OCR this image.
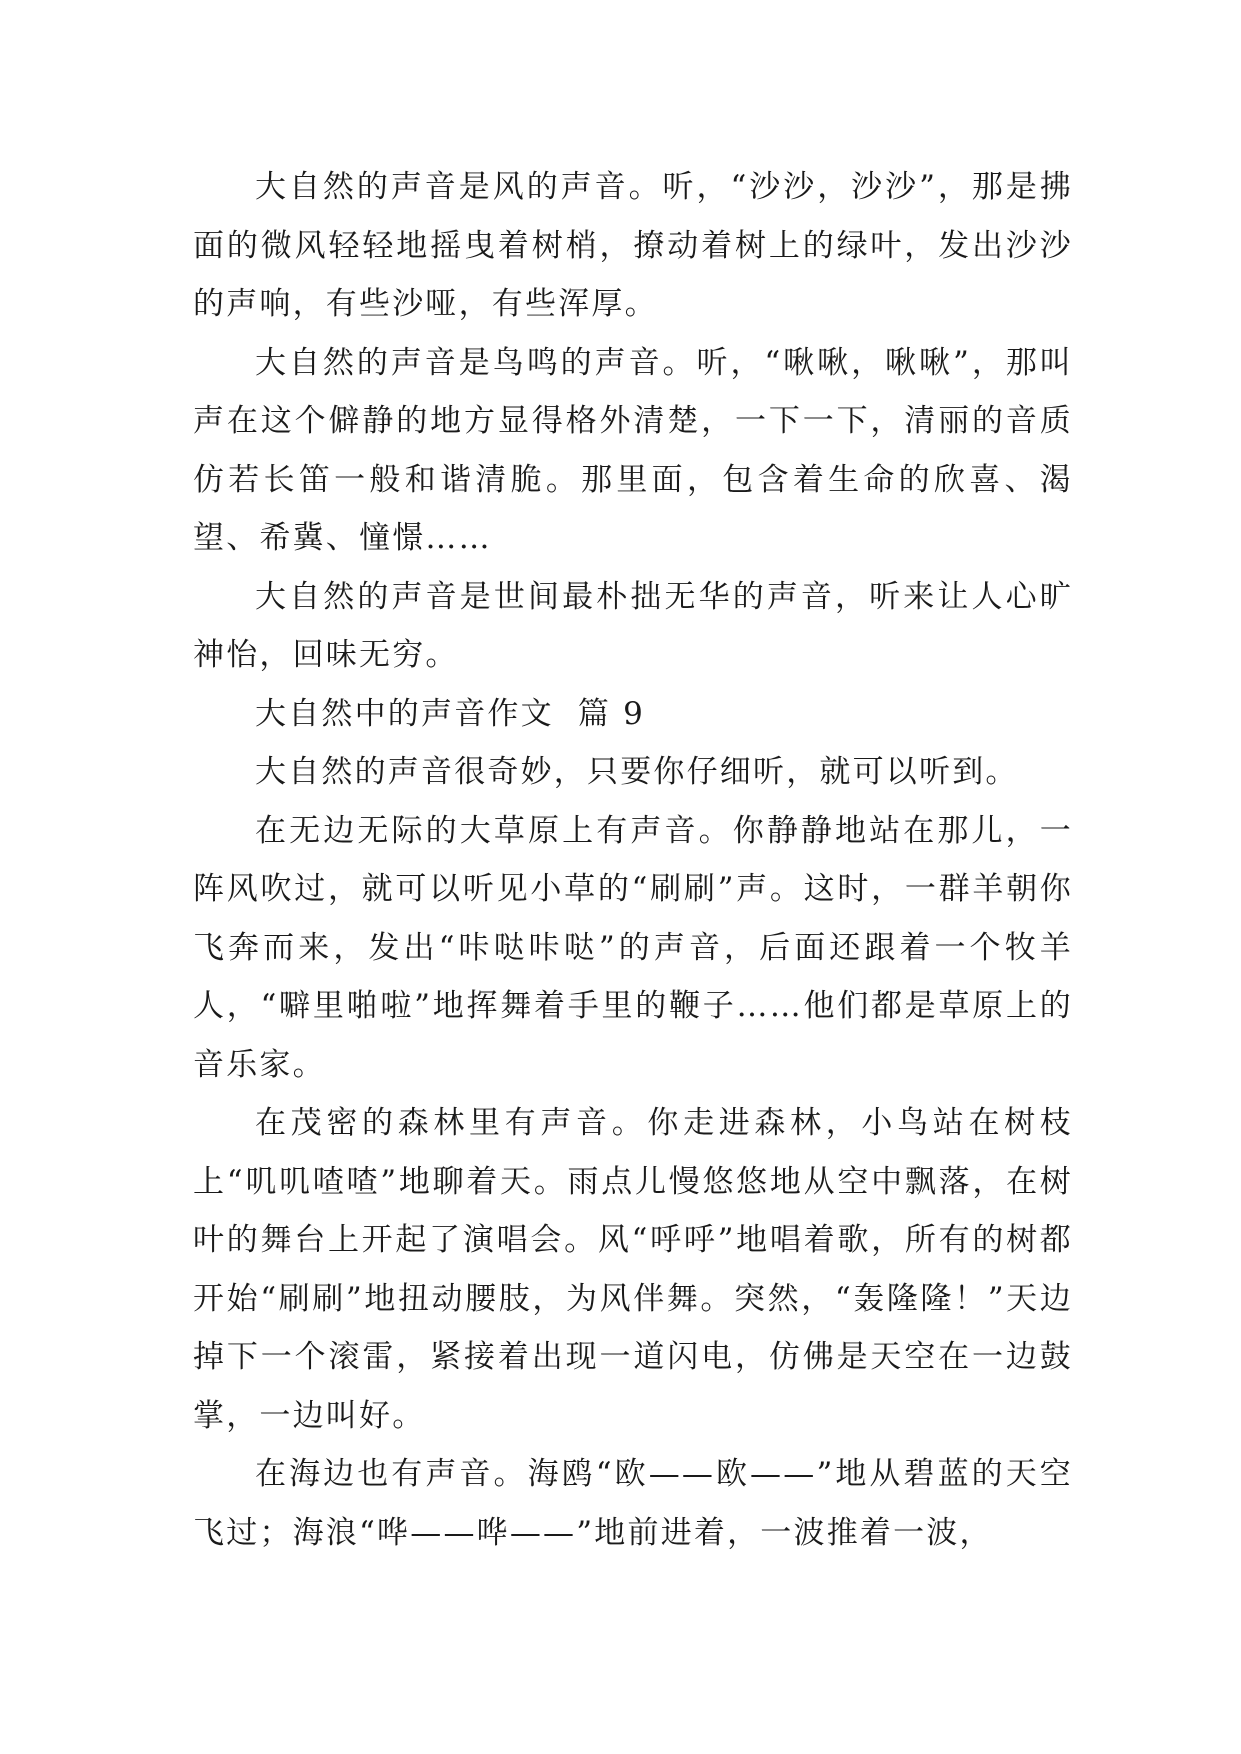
大自然的声音是风的声音。听，“沙沙，沙沙”，那是拂面的微风轻轻地摇曳着树梢，撩动着树上的绿叶，发出沙沙的声响，有些沙哑，有些浑厚。

大自然的声音是鸟鸣的声音。听，“啾啾，啾啾”，那叫声在这个僻静的地方显得格外清楚，一下一下，清丽的音质仿若长笛一般和谐清脆。那里面，包含着生命的欣喜、渴望、希冀、憧憬……

大自然的声音是世间最朴拙无华的声音，听来让人心旷神怡，回味无穷。

大自然中的声音作文  篇 9

大自然的声音很奇妙，只要你仔细听，就可以听到。

在无边无际的大草原上有声音。你静静地站在那儿，一阵风吹过，就可以听见小草的“刷刷”声。这时，一群羊朝你飞奔而来，发出“咔哒咔哒”的声音，后面还跟着一个牧羊人，“噼里啪啦”地挥舞着手里的鞭子……他们都是草原上的音乐家。

在茂密的森林里有声音。你走进森林，小鸟站在树枝上“叽叽喳喳”地聊着天。雨点儿慢悠悠地从空中飘落，在树叶的舞台上开起了演唱会。风“呼呼”地唱着歌，所有的树都开始“刷刷”地扭动腰肢，为风伴舞。突然，“轰隆隆！”天边掉下一个滚雷，紧接着出现一道闪电，仿佛是天空在一边鼓掌，一边叫好。

在海边也有声音。海鸥“欧——欧——”地从碧蓝的天空飞过；海浪“哗——哗——”地前进着，一波推着一波，
